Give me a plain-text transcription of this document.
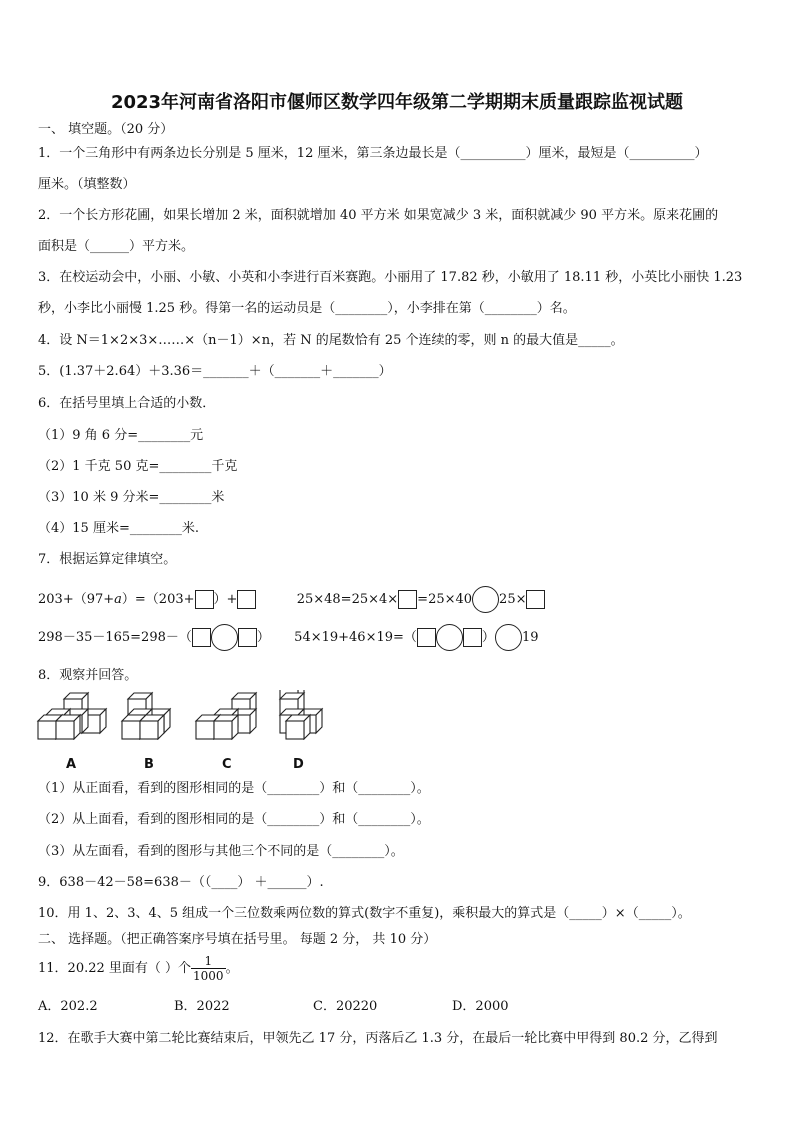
2023年河南省洛阳市偃师区数学四年级第二学期期末质量跟踪监视试题
一、 填空题。（20 分）
1．一个三角形中有两条边长分别是 5 厘米，12 厘米，第三条边最长是（__________）厘米，最短是（__________）
厘米。（填整数）
2．一个长方形花圃，如果长增加 2 米，面积就增加 40 平方米 如果宽减少 3 米，面积就减少 90 平方米。原来花圃的
面积是（______）平方米。
3．在校运动会中，小丽、小敏、小英和小李进行百米赛跑。小丽用了 17.82 秒，小敏用了 18.11 秒，小英比小丽快 1.23
秒，小李比小丽慢 1.25 秒。得第一名的运动员是（________），小李排在第（________）名。
4．设 N＝1×2×3×……×（n－1）×n，若 N 的尾数恰有 25 个连续的零，则 n 的最大值是_____。
5．(1.37＋2.64）＋3.36＝_______＋（_______＋_______）
6．在括号里填上合适的小数．
（1）9 角 6 分=________元
（2）1 千克 50 克=________千克
（3）10 米 9 分米=________米
（4）15 厘米=________米.
7．根据运算定律填空。
203+（97+a）=（203+ ）+	25×48=25×4× =25×40 25×
298－35－165=298－（	） 54×19+46×19=（	） 19
8．观察并回答。
A	B	C	D
（1）从正面看，看到的图形相同的是（________）和（________）。
（2）从上面看，看到的图形相同的是（________）和（________）。
（3）从左面看，看到的图形与其他三个不同的是（________）。
9．638－42－58=638－（（____） ＋______）.
10．用 1、2、3、4、5 组成一个三位数乘两位数的算式(数字不重复)，乘积最大的算式是（_____）×（_____）。
二、 选择题。（把正确答案序号填在括号里。 每题 2 分， 共 10 分）
11．20.22 里面有（ ）个 $\frac{1}{1000}$ 。
A．202.2	B．2022	C．20220	D．2000
12．在歌手大赛中第二轮比赛结束后，甲领先乙 17 分，丙落后乙 1.3 分，在最后一轮比赛中甲得到 80.2 分，乙得到
